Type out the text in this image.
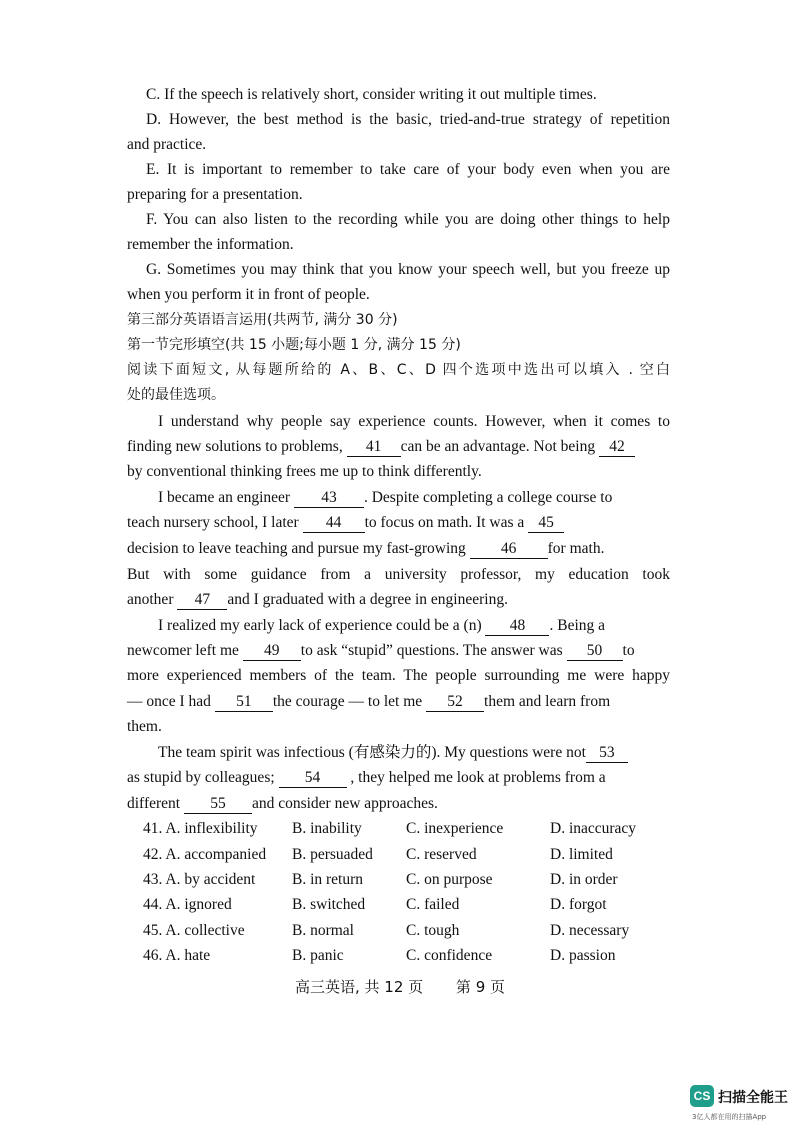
C. If the speech is relatively short, consider writing it out multiple times.
D. However, the best method is the basic, tried-and-true strategy of repetition
and practice.
E. It is important to remember to take care of your body even when you are
preparing for a presentation.
F. You can also listen to the recording while you are doing other things to help
remember the information.
G. Sometimes you may think that you know your speech well, but you freeze up
when you perform it in front of people.
第三部分英语语言运用(共两节, 满分 30 分)
第一节完形填空(共 15 小题;每小题 1 分, 满分 15 分)
阅读下面短文, 从每题所给的 A、B、C、D 四个选项中选出可以填入 . 空白
处的最佳选项。
I understand why people say experience counts. However, when it comes to
finding new solutions to problems, 41 can be an advantage. Not being 42
by conventional thinking frees me up to think differently.
I became an engineer 43 . Despite completing a college course to
teach nursery school, I later 44 to focus on math. It was a 45
decision to leave teaching and pursue my fast-growing 46 for math.
But with some guidance from a university professor, my education took
another 47 and I graduated with a degree in engineering.
I realized my early lack of experience could be a (n) 48 . Being a
newcomer left me 49 to ask “stupid” questions. The answer was 50 to
more experienced members of the team. The people surrounding me were happy
— once I had 51 the courage — to let me 52 them and learn from
them.
The team spirit was infectious (有感染力的). My questions were not 53
as stupid by colleagues; 54 , they helped me look at problems from a
different 55 and consider new approaches.
41. A. inflexibility B. inability	C. inexperience	D. inaccuracy
42. A. accompanied B. persuaded C. reserved	D. limited
43. A. by accident B. in return	C. on purpose	D. in order
44. A. ignored	B. switched	C. failed	D. forgot
45. A. collective	B. normal	C. tough	D. necessary
46. A. hate	B. panic	C. confidence	D. passion
高三英语, 共 12 页 第 9 页
CS 扫描全能王
3亿人都在用的扫描App
